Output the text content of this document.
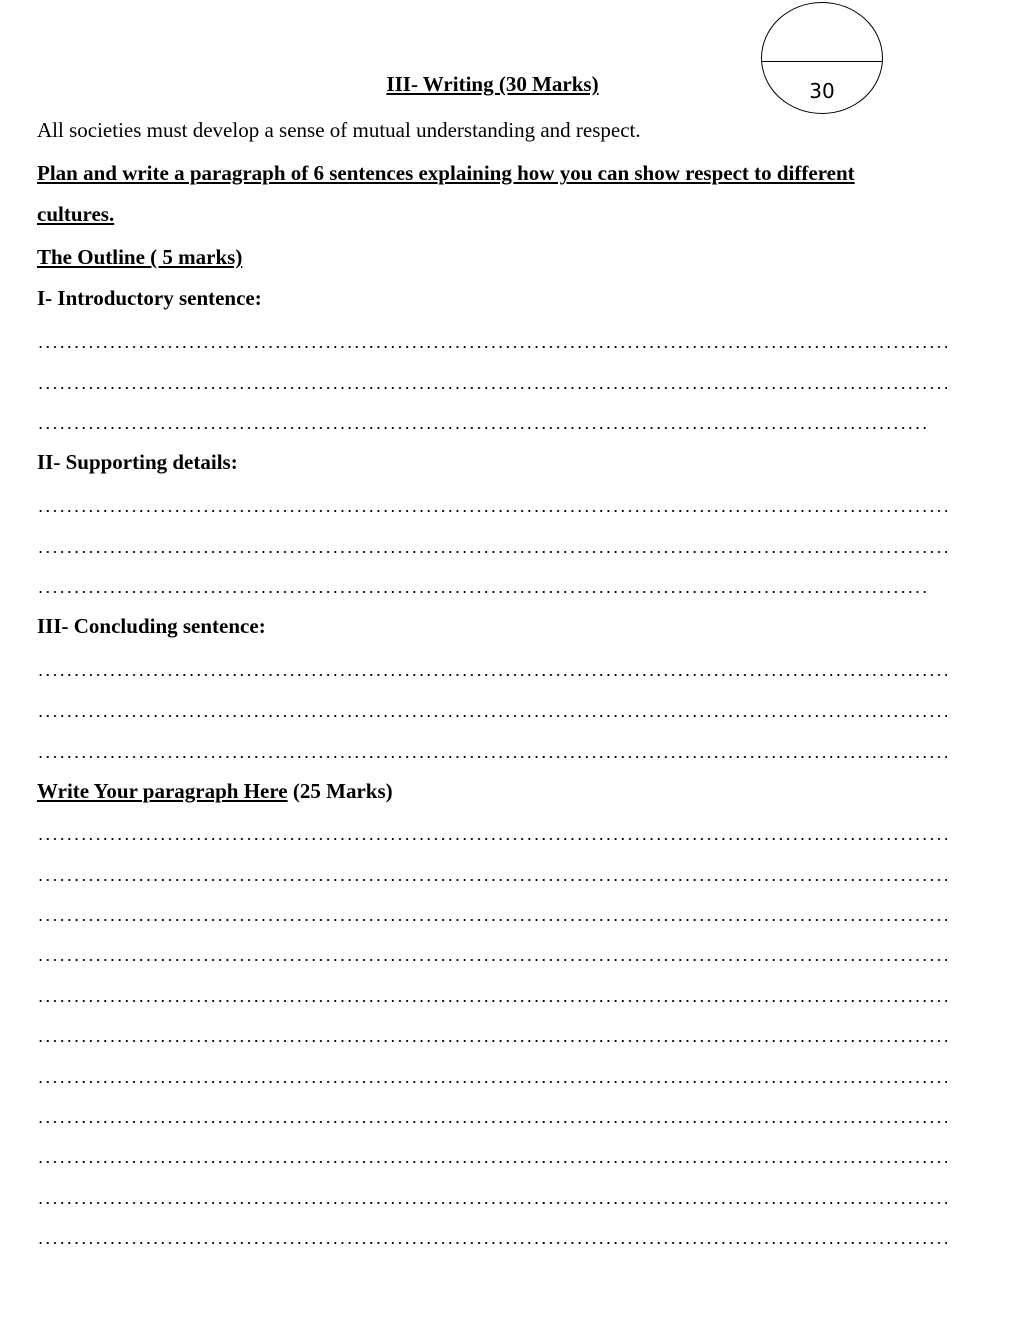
30
III- Writing (30 Marks)
All societies must develop a sense of mutual understanding and respect.
Plan and write a paragraph of 6 sentences explaining how you can show respect to different
cultures.
The Outline ( 5 marks)
I- Introductory sentence:
II- Supporting details:
III- Concluding sentence:
Write Your paragraph Here (25 Marks)
